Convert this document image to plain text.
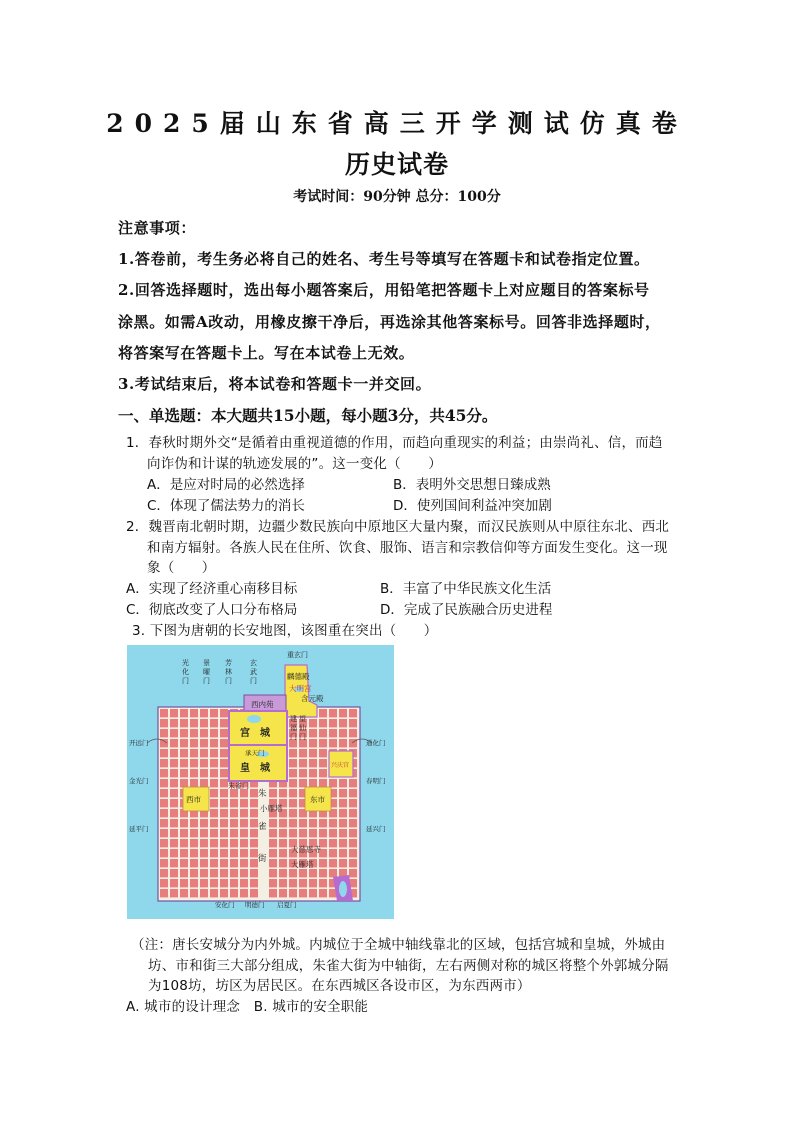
2025届山东省高三开学测试仿真卷
历史试卷
考试时间：90分钟 总分：100分
注意事项：
1.答卷前，考生务必将自己的姓名、考生号等填写在答题卡和试卷指定位置。
2.回答选择题时，选出每小题答案后，用铅笔把答题卡上对应题目的答案标号
涂黑。如需A改动，用橡皮擦干净后，再选涂其他答案标号。回答非选择题时，
将答案写在答题卡上。写在本试卷上无效。
3.考试结束后，将本试卷和答题卡一并交回。
一、单选题：本大题共15小题，每小题3分，共45分。
1．春秋时期外交“是循着由重视道德的作用，而趋向重现实的利益；由崇尚礼、信，而趋
向诈伪和计谋的轨迹发展的”。这一变化（　　）
A．是应对时局的必然选择	B．表明外交思想日臻成熟
C．体现了儒法势力的消长	D．使列国间利益冲突加剧
2．魏晋南北朝时期，边疆少数民族向中原地区大量内聚，而汉民族则从中原往东北、西北
和南方辐射。各族人民在住所、饮食、服饰、语言和宗教信仰等方面发生变化。这一现
象（　　）
A．实现了经济重心南移目标	B．丰富了中华民族文化生活
C．彻底改变了人口分布格局	D．完成了民族融合历史进程
3. 下图为唐朝的长安地图，该图重在突出（　　）
重玄门
麟德殿
大明宫
含元殿
西内苑
宫　城
承天门
皇　城	兴庆宫
朱雀门
西市	东市
朱
小雁塔
雀
街
大慈恩寺
大雁塔
安化门 明德门 启夏门
开远门
金光门
延平门
通化门
春明门
延兴门
光化门
景曜门
芳林门
玄武门
建福门
望仙门
（注：唐长安城分为内外城。内城位于全城中轴线靠北的区域，包括宫城和皇城，外城由
坊、市和街三大部分组成，朱雀大街为中轴街，左右两侧对称的城区将整个外郭城分隔
为108坊，坊区为居民区。在东西城区各设市区，为东西两市）
A. 城市的设计理念　B. 城市的安全职能
